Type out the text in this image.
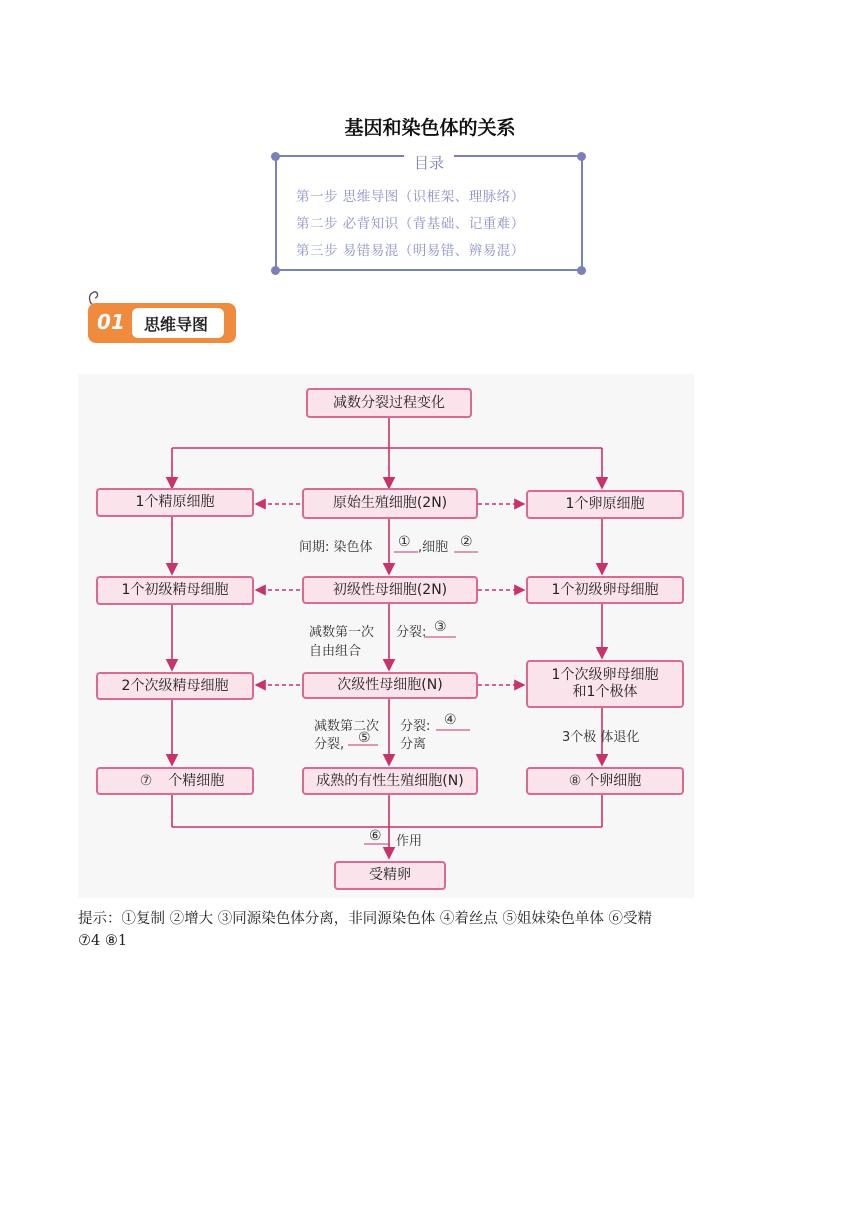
基因和染色体的关系
目录
第一步 思维导图（识框架、理脉络）
第二步 必背知识（背基础、记重难）
第三步 易错易混（明易错、辨易混）
01 思维导图
减数分裂过程变化
原始生殖细胞(2N)
初级性母细胞(2N)
次级性母细胞(N)
成熟的有性生殖细胞(N)
1个精原细胞
1个初级精母细胞
2个次级精母细胞
⑦ 个精细胞
1个卵原细胞
1个初级卵母细胞
1个次级卵母细胞
和1个极体
⑧ 个卵细胞
受精卵
间期: 染色体 ① ,细胞 ②
减数第一次
自由组合
分裂: ③
减数第二次
分裂, ⑤
分裂: ④
分离	3个极 体退化
⑥ 作用
提示：①复制 ②增大 ③同源染色体分离，非同源染色体 ④着丝点 ⑤姐妹染色单体 ⑥受精
⑦4 ⑧1
